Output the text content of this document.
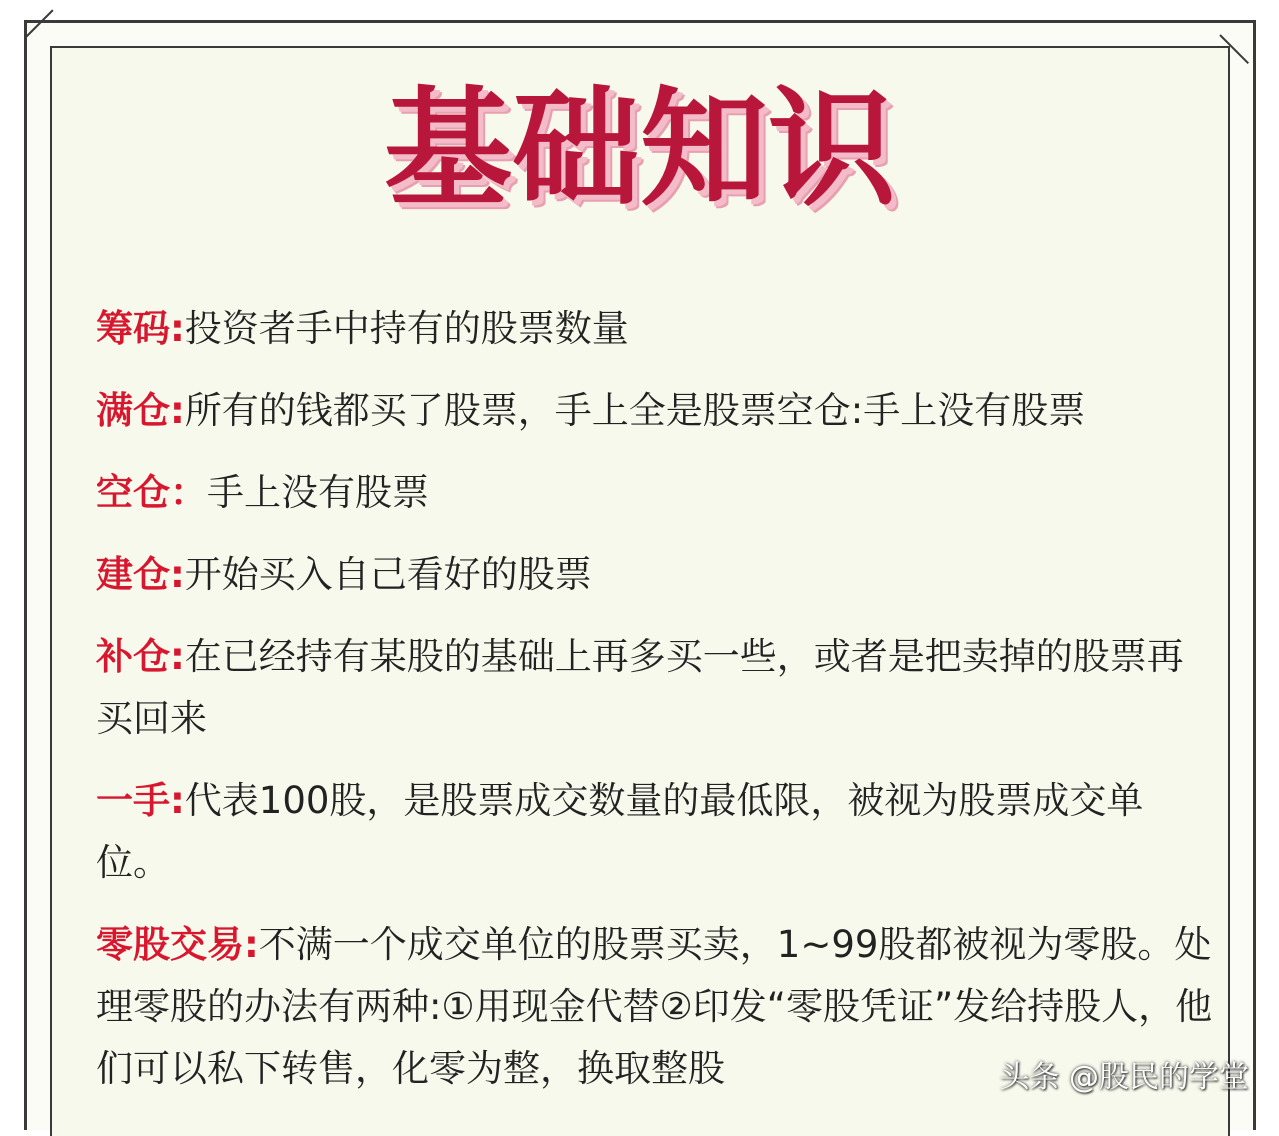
基础知识
筹码:投资者手中持有的股票数量
满仓:所有的钱都买了股票，手上全是股票空仓:手上没有股票
空仓：手上没有股票
建仓:开始买入自己看好的股票
补仓:在已经持有某股的基础上再多买一些，或者是把卖掉的股票再买回来
一手:代表100股，是股票成交数量的最低限，被视为股票成交单位。
零股交易:不满一个成交单位的股票买卖，1~99股都被视为零股。处理零股的办法有两种:①用现金代替②印发“零股凭证”发给持股人，他们可以私下转售，化零为整，换取整股
头条 @股民的学堂
